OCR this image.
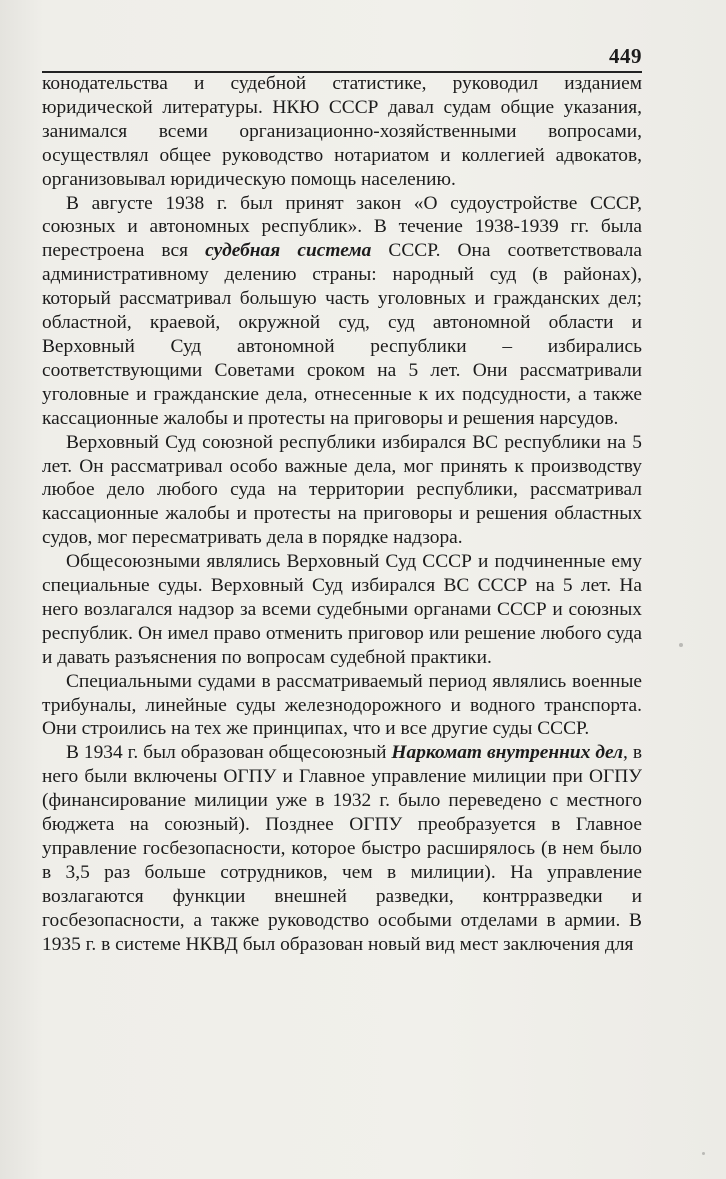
449

конодательства и судебной статистике, руководил изданием юридической литературы. НКЮ СССР давал судам общие указания, занимался всеми организационно-хозяйственными вопросами, осуществлял общее руководство нотариатом и коллегией адвокатов, организовывал юридическую помощь населению.

В августе 1938 г. был принят закон «О судоустройстве СССР, союзных и автономных республик». В течение 1938-1939 гг. была перестроена вся судебная система СССР. Она соответствовала административному делению страны: народный суд (в районах), который рассматривал большую часть уголовных и гражданских дел; областной, краевой, окружной суд, суд автономной области и Верховный Суд автономной республики – избирались соответствующими Советами сроком на 5 лет. Они рассматривали уголовные и гражданские дела, отнесенные к их подсудности, а также кассационные жалобы и протесты на приговоры и решения нарсудов.

Верховный Суд союзной республики избирался ВС республики на 5 лет. Он рассматривал особо важные дела, мог принять к производству любое дело любого суда на территории республики, рассматривал кассационные жалобы и протесты на приговоры и решения областных судов, мог пересматривать дела в порядке надзора.

Общесоюзными являлись Верховный Суд СССР и подчиненные ему специальные суды. Верховный Суд избирался ВС СССР на 5 лет. На него возлагался надзор за всеми судебными органами СССР и союзных республик. Он имел право отменить приговор или решение любого суда и давать разъяснения по вопросам судебной практики.

Специальными судами в рассматриваемый период являлись военные трибуналы, линейные суды железнодорожного и водного транспорта. Они строились на тех же принципах, что и все другие суды СССР.

В 1934 г. был образован общесоюзный Наркомат внутренних дел, в него были включены ОГПУ и Главное управление милиции при ОГПУ (финансирование милиции уже в 1932 г. было переведено с местного бюджета на союзный). Позднее ОГПУ преобразуется в Главное управление госбезопасности, которое быстро расширялось (в нем было в 3,5 раз больше сотрудников, чем в милиции). На управление возлагаются функции внешней разведки, контрразведки и госбезопасности, а также руководство особыми отделами в армии. В 1935 г. в системе НКВД был образован новый вид мест заключения для
